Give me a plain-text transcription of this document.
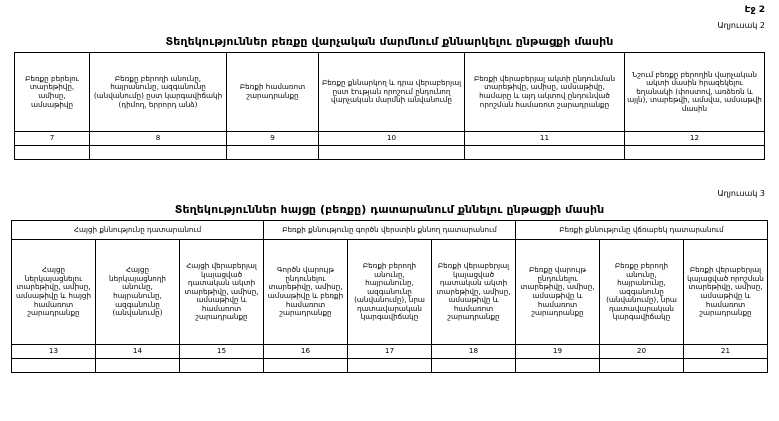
Էջ 2
Աղյուսակ 2
Տեղեկություններ բեռքը վարչական մարմնում քննարկելու ընթացքի մասին
Բեռքը բերելու տարեթիվը, ամիսը, ամսաթիվը	Բեռքը բերողի անունը, հայրանունը, ազգանունը (անվանումը) ըստ կարգավիճակի (դիմող, երրորդ անձ)	Բեռքի համառոտ շարադրանքը	Բեռքը քննարկող և դրա վերաբերյալ ըստ էության որոշում ընդունող վարչական մարմնի անվանումը	Բեռքի վերաբերյալ ակտի ընդունման տարեթիվը, ամիսը, ամսաթիվը, համարը և այդ ակտով ընդունված որոշման համառոտ շարադրանքը	Նշում բեռքը բերողին վարչական ակտի մասին հրազեկելու եղանակի (փոստով, առձեռն և այլն), տարեթվի, ամսվա, ամսաթվի մասին
7	8	9	10	11	12

Աղյուսակ 3
Տեղեկություններ հայցը (բեռքը) դատարանում քննելու ընթացքի մասին
Հայցի քննությունը դատարանում			Բեռքի քննությունը գործն վերստին քննող դատարանում			Բեռքի քննությունը վճռաբեկ դատարանում		
Հայցը ներկայացնելու տարեթիվը, ամիսը, ամսաթիվը և հայցի համառոտ շարադրանքը	Հայցը ներկայացնողի անունը, հայրանունը, ազգանունը (անվանումը)	Հայցի վերաբերյալ կայացված դատական ակտի տարեթիվը, ամիսը, ամսաթիվը և համառոտ շարադրանքը	Գործն վարույթ ընդունելու տարեթիվը, ամիսը, ամսաթիվը և բեռքի համառոտ շարադրանքը	Բեռքի բերողի անունը, հայրանունը, ազգանունը (անվանումը), նրա դատավարական կարգավիճակը	Բեռքի վերաբերյալ կայացված դատական ակտի տարեթիվը, ամիսը, ամսաթիվը և համառոտ շարադրանքը	Բեռքը վարույթ ընդունելու տարեթիվը, ամիսը, ամսաթիվը և համառոտ շարադրանքը	Բեռքը բերողի անունը, հայրանունը, ազգանունը (անվանումը), նրա դատավարական կարգավիճակը	Բեռքի վերաբերյալ կայացված որոշման տարեթիվը, ամիսը, ամսաթիվը և համառոտ շարադրանքը
13	14	15	16	17	18	19	20	21
